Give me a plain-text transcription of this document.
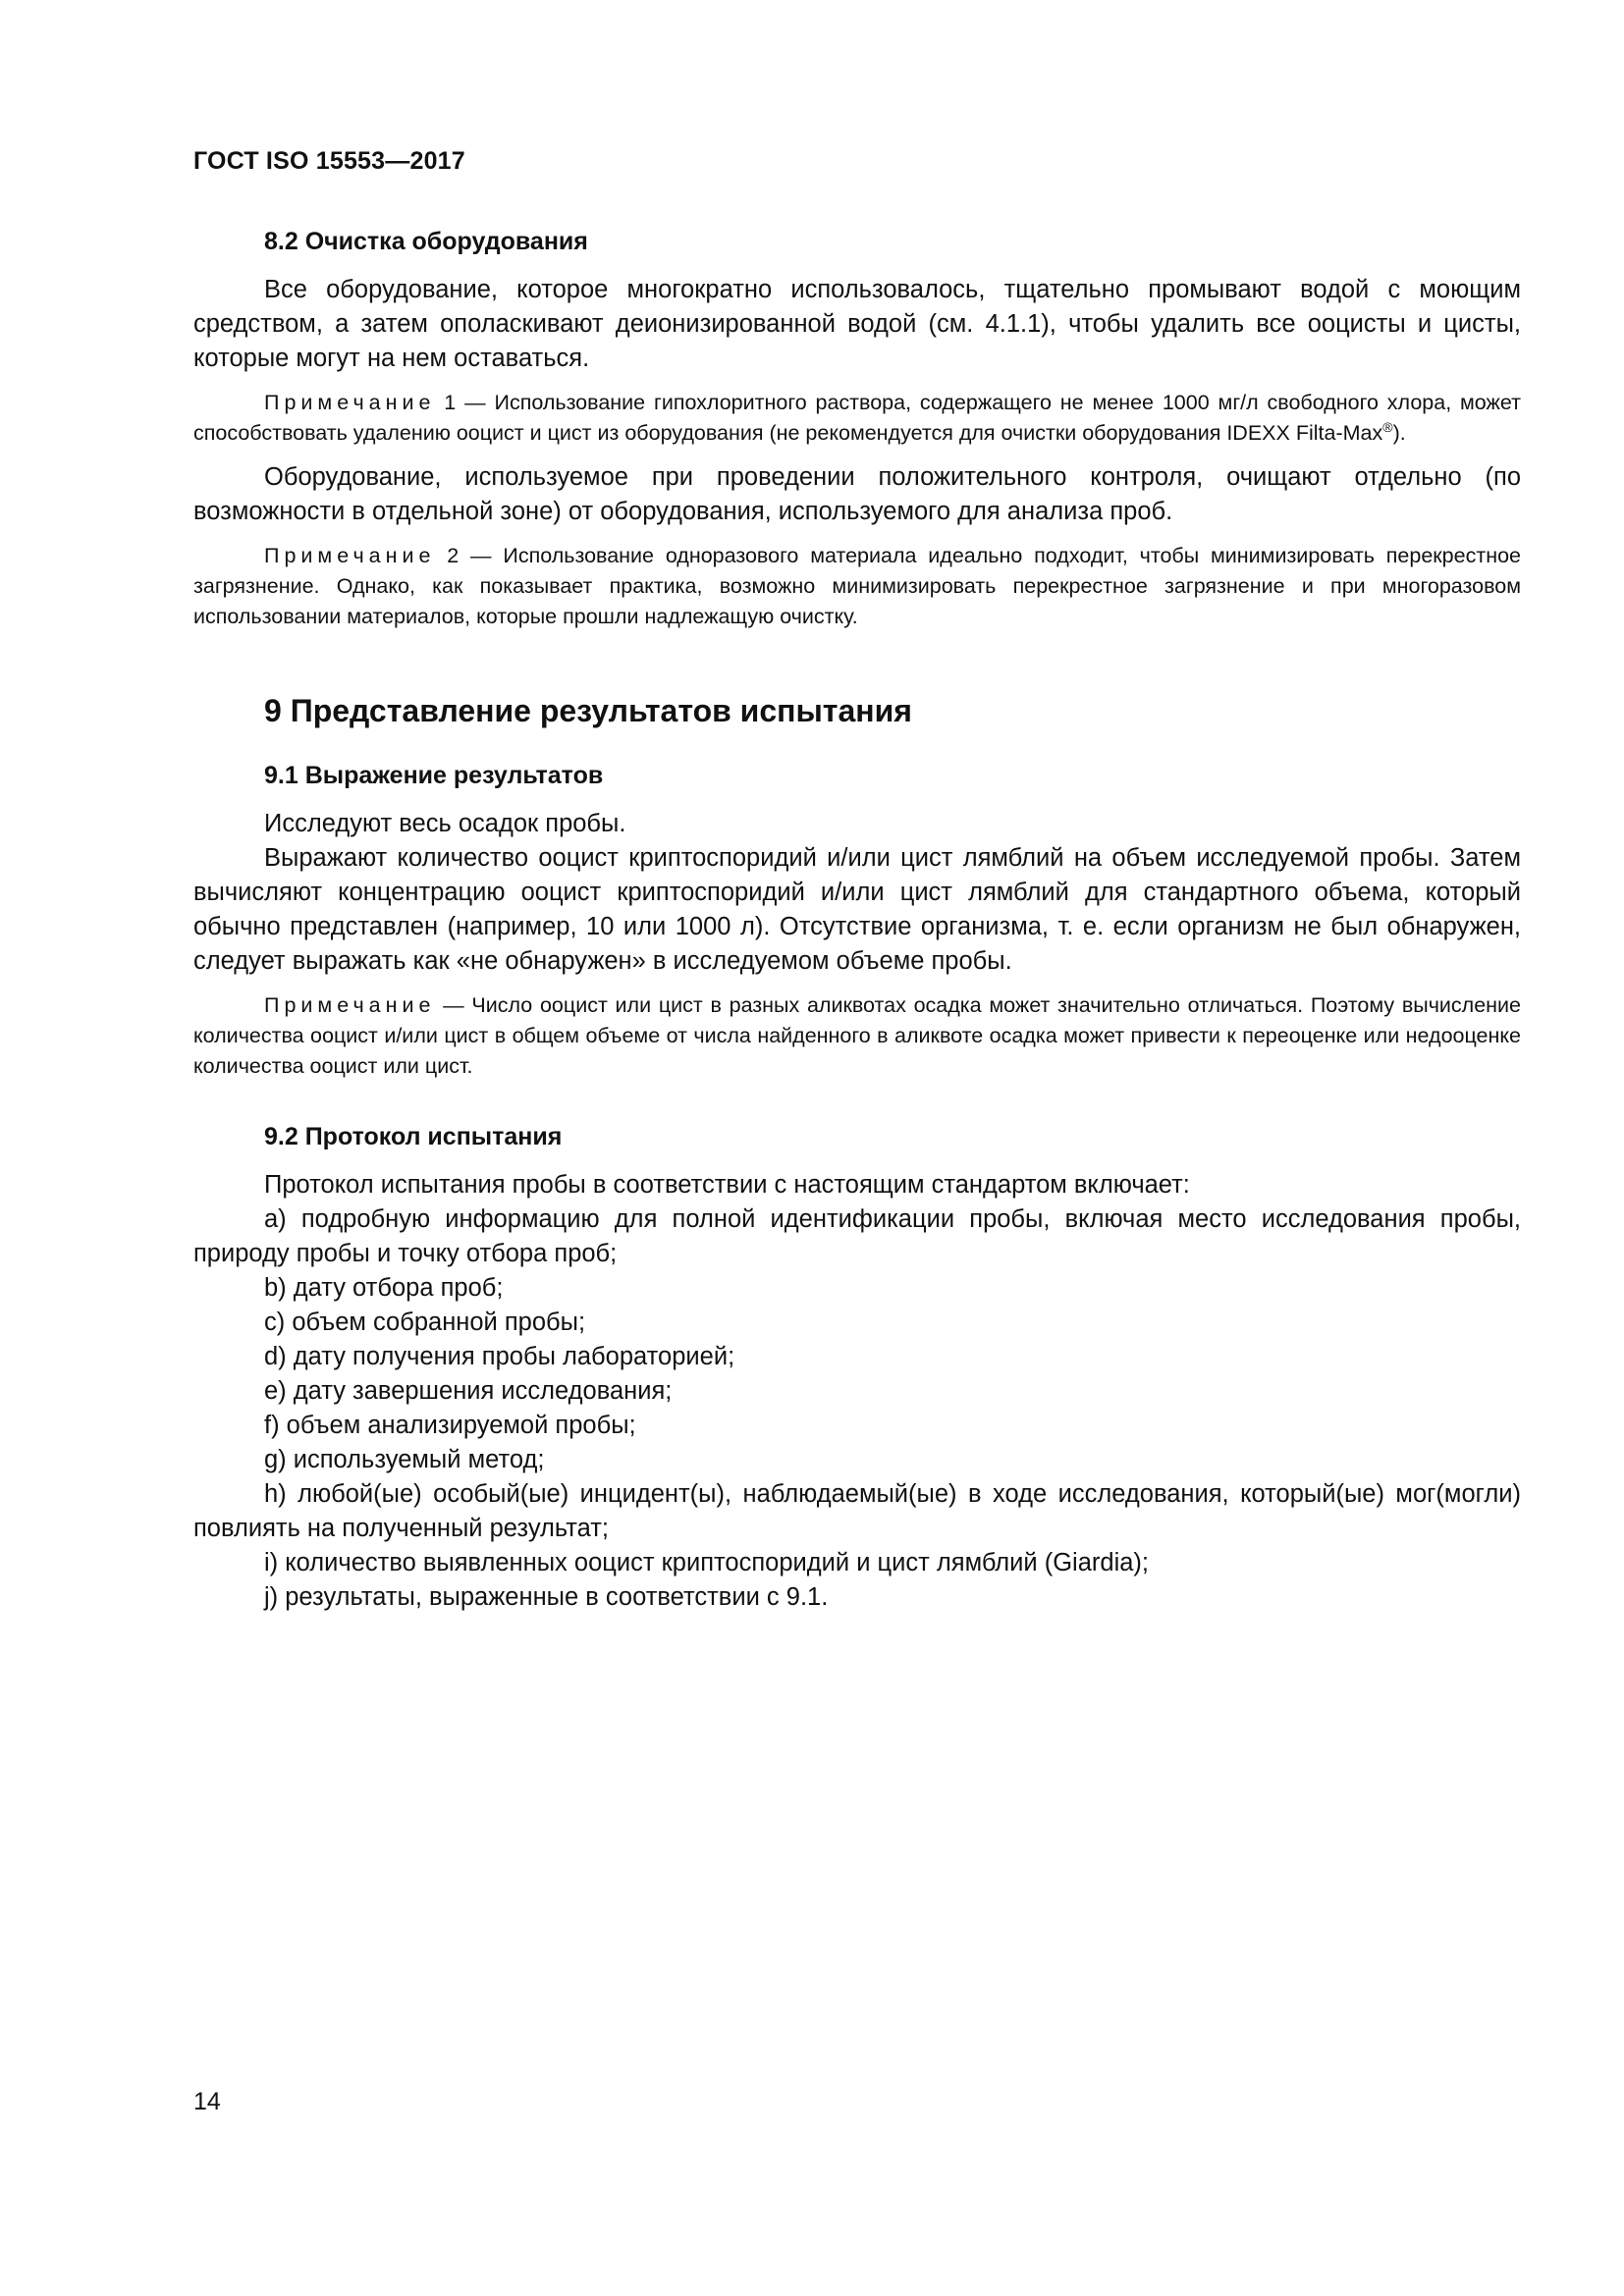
ГОСТ ISO 15553—2017
8.2 Очистка оборудования

Все оборудование, которое многократно использовалось, тщательно промывают водой с моющим средством, а затем ополаскивают деионизированной водой (см. 4.1.1), чтобы удалить все ооцисты и цисты, которые могут на нем оставаться.

Примечание 1 — Использование гипохлоритного раствора, содержащего не менее 1000 мг/л свободного хлора, может способствовать удалению ооцист и цист из оборудования (не рекомендуется для очистки оборудования IDEXX Filta-Max®).

Оборудование, используемое при проведении положительного контроля, очищают отдельно (по возможности в отдельной зоне) от оборудования, используемого для анализа проб.

Примечание 2 — Использование одноразового материала идеально подходит, чтобы минимизировать перекрестное загрязнение. Однако, как показывает практика, возможно минимизировать перекрестное загрязнение и при многоразовом использовании материалов, которые прошли надлежащую очистку.

9 Представление результатов испытания
9.1 Выражение результатов

Исследуют весь осадок пробы.

Выражают количество ооцист криптоспоридий и/или цист лямблий на объем исследуемой пробы. Затем вычисляют концентрацию ооцист криптоспоридий и/или цист лямблий для стандартного объема, который обычно представлен (например, 10 или 1000 л). Отсутствие организма, т. е. если организм не был обнаружен, следует выражать как «не обнаружен» в исследуемом объеме пробы.

Примечание — Число ооцист или цист в разных аликвотах осадка может значительно отличаться. Поэтому вычисление количества ооцист и/или цист в общем объеме от числа найденного в аликвоте осадка может привести к переоценке или недооценке количества ооцист или цист.

9.2 Протокол испытания

Протокол испытания пробы в соответствии с настоящим стандартом включает:

a) подробную информацию для полной идентификации пробы, включая место исследования пробы, природу пробы и точку отбора проб;

b) дату отбора проб;

c) объем собранной пробы;

d) дату получения пробы лабораторией;

e) дату завершения исследования;

f) объем анализируемой пробы;

g) используемый метод;

h) любой(ые) особый(ые) инцидент(ы), наблюдаемый(ые) в ходе исследования, который(ые) мог(могли) повлиять на полученный результат;

i) количество выявленных ооцист криптоспоридий и цист лямблий (Giardia);

j) результаты, выраженные в соответствии с 9.1.

14
